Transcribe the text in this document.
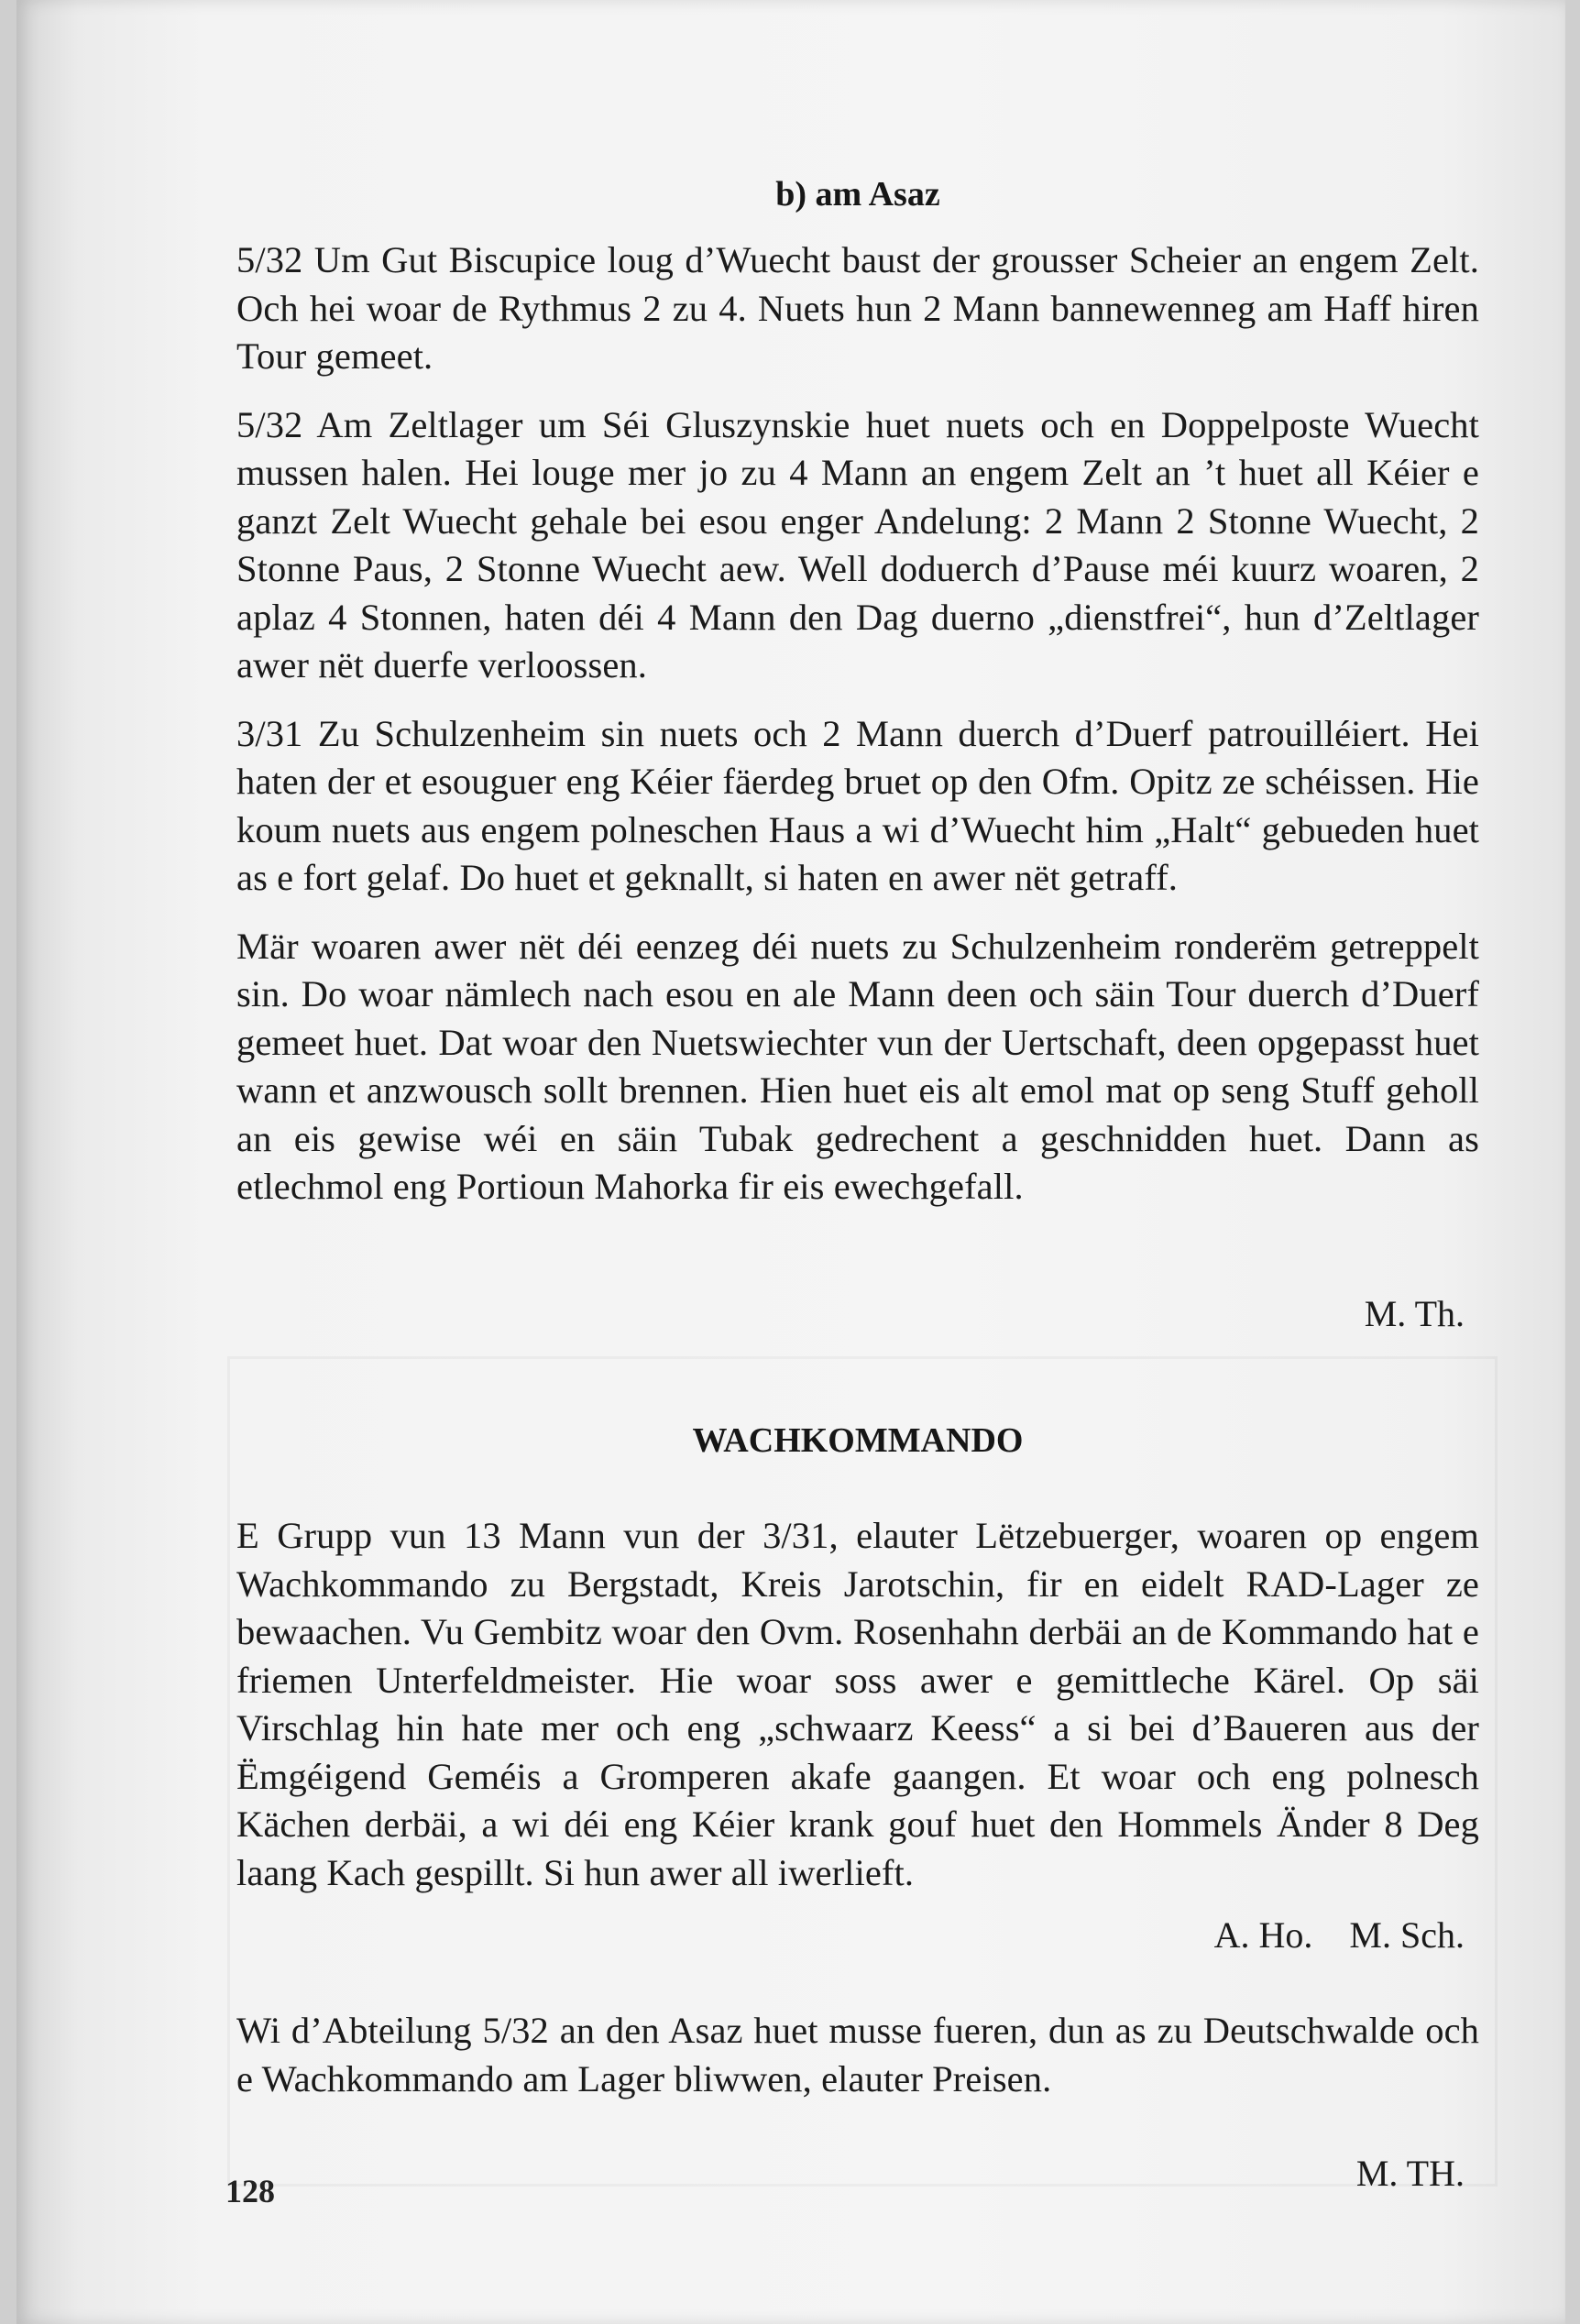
b) am Asaz

5/32 Um Gut Biscupice loug d’Wuecht baust der grousser Scheier an engem Zelt. Och hei woar de Rythmus 2 zu 4. Nuets hun 2 Mann bannewenneg am Haff hiren Tour gemeet.

5/32 Am Zeltlager um Séi Gluszynskie huet nuets och en Doppelposte Wuecht mussen halen. Hei louge mer jo zu 4 Mann an engem Zelt an ’t huet all Kéier e ganzt Zelt Wuecht gehale bei esou enger Andelung: 2 Mann 2 Stonne Wuecht, 2 Stonne Paus, 2 Stonne Wuecht aew. Well doduerch d’Pause méi kuurz woaren, 2 aplaz 4 Stonnen, haten déi 4 Mann den Dag duerno „dienstfrei“, hun d’Zeltlager awer nët duerfe verloossen.

3/31 Zu Schulzenheim sin nuets och 2 Mann duerch d’Duerf patrouilléiert. Hei haten der et esouguer eng Kéier fäerdeg bruet op den Ofm. Opitz ze schéissen. Hie koum nuets aus engem polneschen Haus a wi d’Wuecht him „Halt“ gebueden huet as e fort gelaf. Do huet et geknallt, si haten en awer nët getraff.

Mär woaren awer nët déi eenzeg déi nuets zu Schulzenheim ronderëm getreppelt sin. Do woar nämlech nach esou en ale Mann deen och säin Tour duerch d’Duerf gemeet huet. Dat woar den Nuetswiechter vun der Uertschaft, deen opgepasst huet wann et anzwousch sollt brennen. Hien huet eis alt emol mat op seng Stuff geholl an eis gewise wéi en säin Tubak gedrechent a geschnidden huet. Dann as etlechmol eng Portioun Mahorka fir eis ewechgefall.

M. Th.
WACHKOMMANDO

E Grupp vun 13 Mann vun der 3/31, elauter Lëtzebuerger, woaren op engem Wachkommando zu Bergstadt, Kreis Jarotschin, fir en eidelt RAD-Lager ze bewaachen. Vu Gembitz woar den Ovm. Rosenhahn derbäi an de Kommando hat e friemen Unterfeldmeister. Hie woar soss awer e gemittleche Kärel. Op säi Virschlag hin hate mer och eng „schwaarz Keess“ a si bei d’Baueren aus der Ëmgéigend Geméis a Gromperen akafe gaangen. Et woar och eng polnesch Kächen derbäi, a wi déi eng Kéier krank gouf huet den Hommels Änder 8 Deg laang Kach gespillt. Si hun awer all iwerlieft.

A. Ho.    M. Sch.

Wi d’Abteilung 5/32 an den Asaz huet musse fueren, dun as zu Deutschwalde och e Wachkommando am Lager bliwwen, elauter Preisen.

M. TH.
128
